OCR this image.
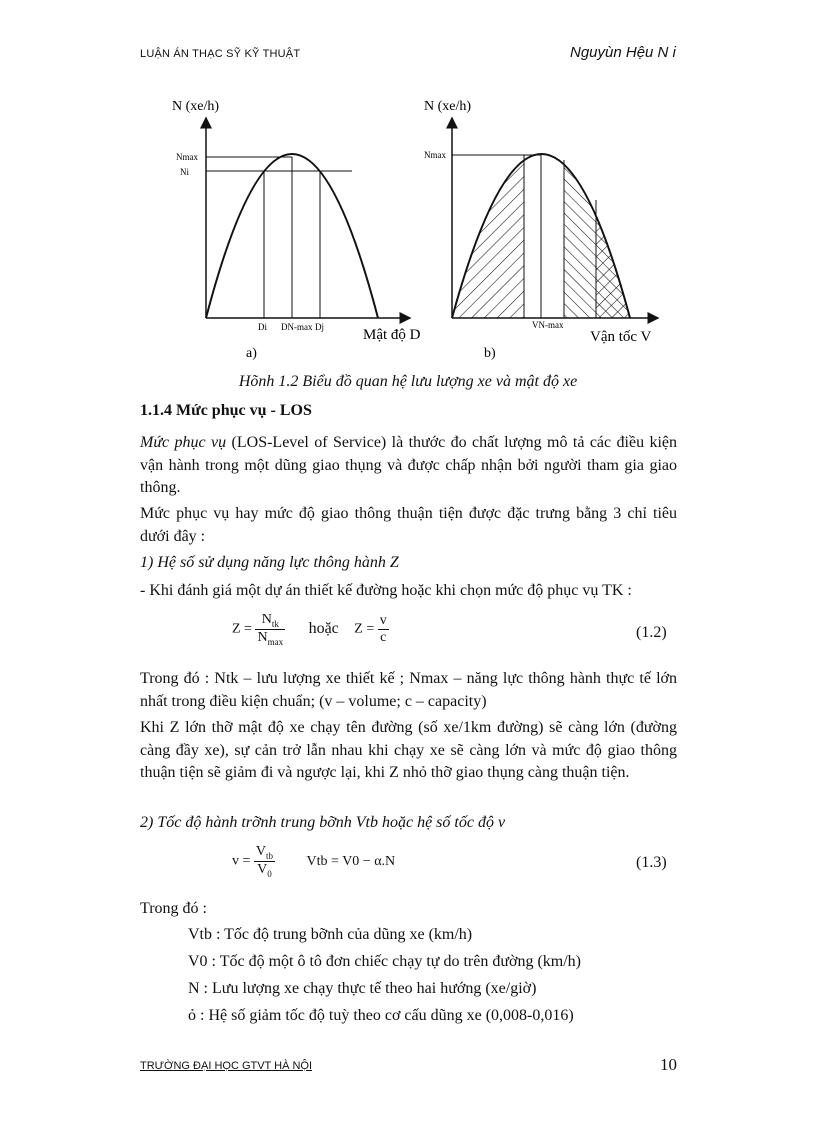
LUẬN ÁN THẠC SỸ KỸ THUẬT	Nguyùn Hệu N i
N (xe/h)
Nmax
Ni
Di DN-max Dj	Mật độ D
a)
N (xe/h)
Nmax
VN-max
Vận tốc V
b)
Hõnh 1.2 Biểu đồ quan hệ lưu lượng xe và mật độ xe
1.1.4 Mức phục vụ - LOS
Mức phục vụ (LOS-Level of Service) là thước đo chất lượng mô tả các điều kiện vận hành trong một dũng giao thụng và được chấp nhận bởi người tham gia giao thông.
Mức phục vụ hay mức độ giao thông thuận tiện được đặc trưng bằng 3 chỉ tiêu dưới đây :
1) Hệ số sử dụng năng lực thông hành Z
- Khi đánh giá một dự án thiết kế đường hoặc khi chọn mức độ phục vụ TK :
$Z = \frac{N_{tk}}{N_{max}}$ hoặc $Z = \frac{v}{c}$	(1.2)
Trong đó : Ntk – lưu lượng xe thiết kế ; Nmax – năng lực thông hành thực tế lớn nhất trong điều kiện chuẩn; (v – volume; c – capacity)
Khi Z lớn thỡ mật độ xe chạy tên đường (số xe/1km đường) sẽ càng lớn (đường càng đầy xe), sự cản trở lẫn nhau khi chạy xe sẽ càng lớn và mức độ giao thông thuận tiện sẽ giảm đi và ngược lại, khi Z nhỏ thỡ giao thụng càng thuận tiện.
2) Tốc độ hành trỡnh trung bỡnh Vtb hoặc hệ số tốc độ v
$v = \frac{V_{tb}}{V_0}$ Vtb = V0 − α.N	(1.3)
Trong đó :
Vtb : Tốc độ trung bỡnh của dũng xe (km/h)
V0 : Tốc độ một ô tô đơn chiếc chạy tự do trên đường (km/h)
N : Lưu lượng xe chạy thực tế theo hai hướng (xe/giờ)
ỏ : Hệ số giảm tốc độ tuỳ theo cơ cấu dũng xe (0,008-0,016)
TRƯỜNG ĐẠI HỌC GTVT HÀ NỘI	10
